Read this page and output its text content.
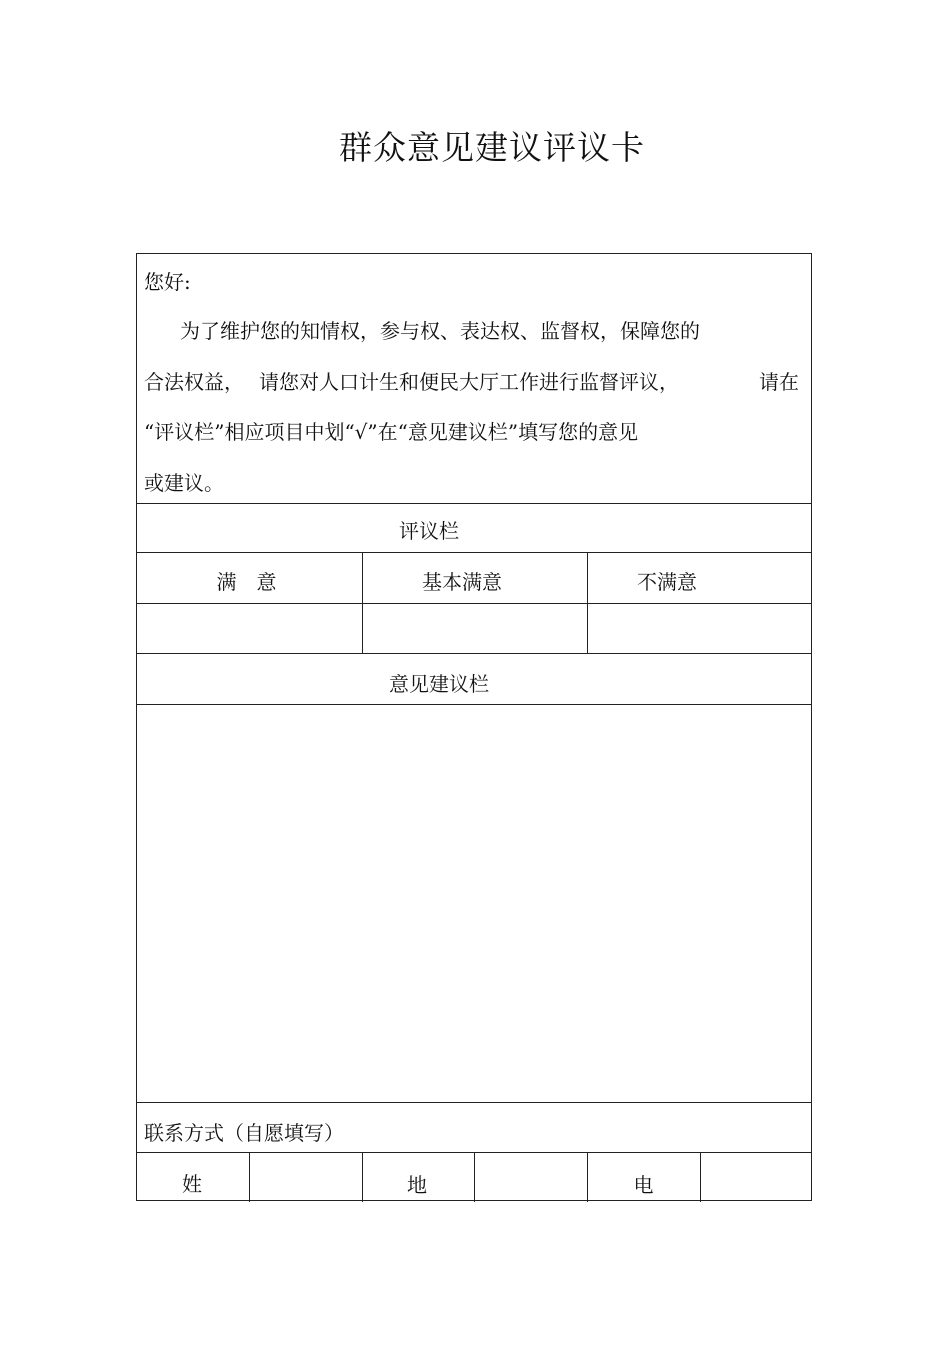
群众意见建议评议卡
您好:
为了维护您的知情权，参与权、表达权、监督权，保障您的
合法权益， 请您对人口计生和便民大厅工作进行监督评议，	请在
“评议栏”相应项目中划“√”在“意见建议栏”填写您的意见
或建议。
评议栏
满　意	基本满意	不满意
意见建议栏
联系方式（自愿填写）
姓	地	电
